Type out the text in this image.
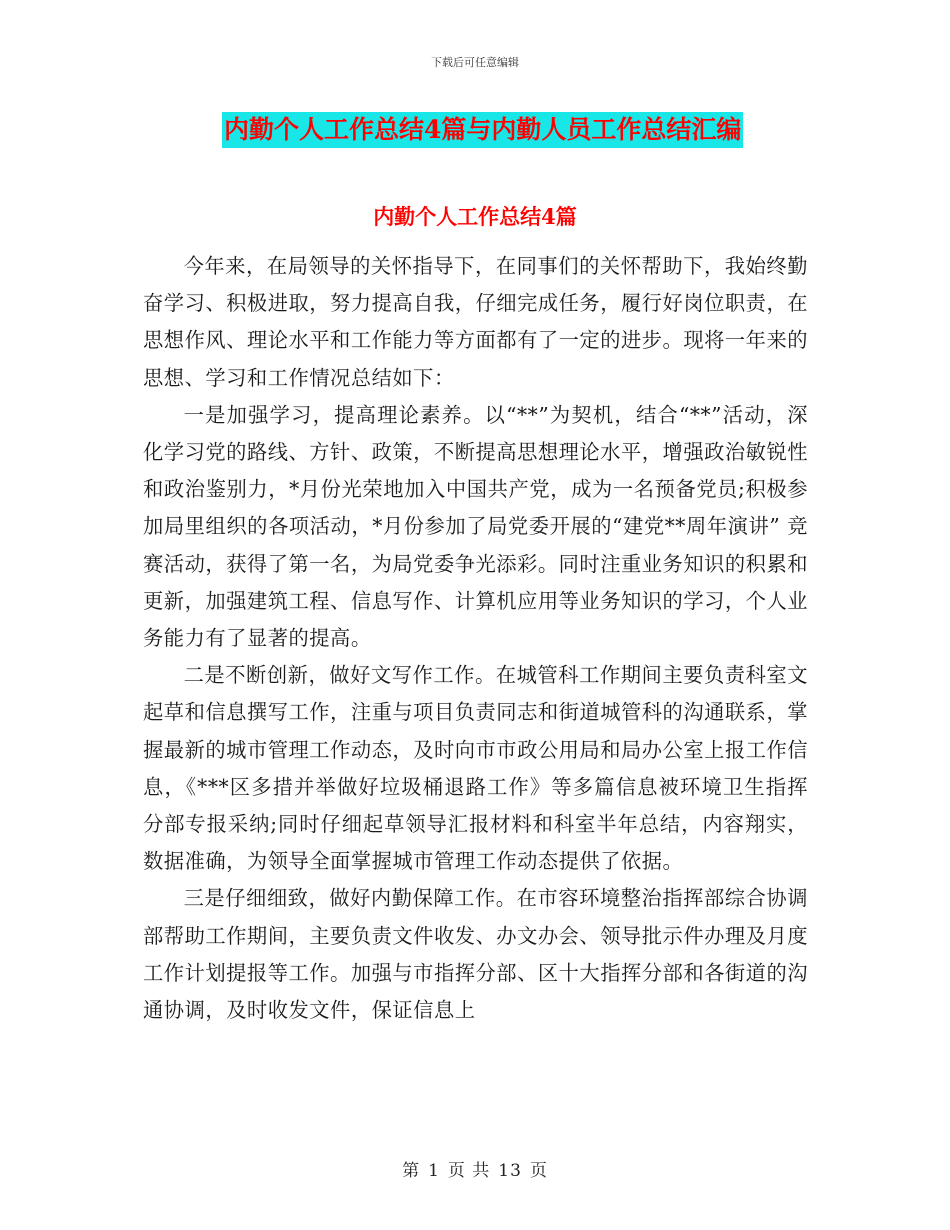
下载后可任意编辑
内勤个人工作总结4篇与内勤人员工作总结汇编
内勤个人工作总结4篇

今年来，在局领导的关怀指导下，在同事们的关怀帮助下，我始终勤奋学习、积极进取，努力提高自我，仔细完成任务，履行好岗位职责，在思想作风、理论水平和工作能力等方面都有了一定的进步。现将一年来的思想、学习和工作情况总结如下：

一是加强学习，提高理论素养。以“**”为契机，结合“**”活动，深化学习党的路线、方针、政策，不断提高思想理论水平，增强政治敏锐性和政治鉴别力，*月份光荣地加入中国共产党，成为一名预备党员;积极参加局里组织的各项活动，*月份参加了局党委开展的“建党**周年演讲” 竞赛活动，获得了第一名，为局党委争光添彩。同时注重业务知识的积累和更新，加强建筑工程、信息写作、计算机应用等业务知识的学习，个人业务能力有了显著的提高。

二是不断创新，做好文写作工作。在城管科工作期间主要负责科室文起草和信息撰写工作，注重与项目负责同志和街道城管科的沟通联系，掌握最新的城市管理工作动态，及时向市市政公用局和局办公室上报工作信息，《***区多措并举做好垃圾桶退路工作》等多篇信息被环境卫生指挥分部专报采纳;同时仔细起草领导汇报材料和科室半年总结，内容翔实，数据准确，为领导全面掌握城市管理工作动态提供了依据。

三是仔细细致，做好内勤保障工作。在市容环境整治指挥部综合协调部帮助工作期间，主要负责文件收发、办文办会、领导批示件办理及月度工作计划提报等工作。加强与市指挥分部、区十大指挥分部和各街道的沟通协调，及时收发文件，保证信息上

第 1 页 共 13 页
